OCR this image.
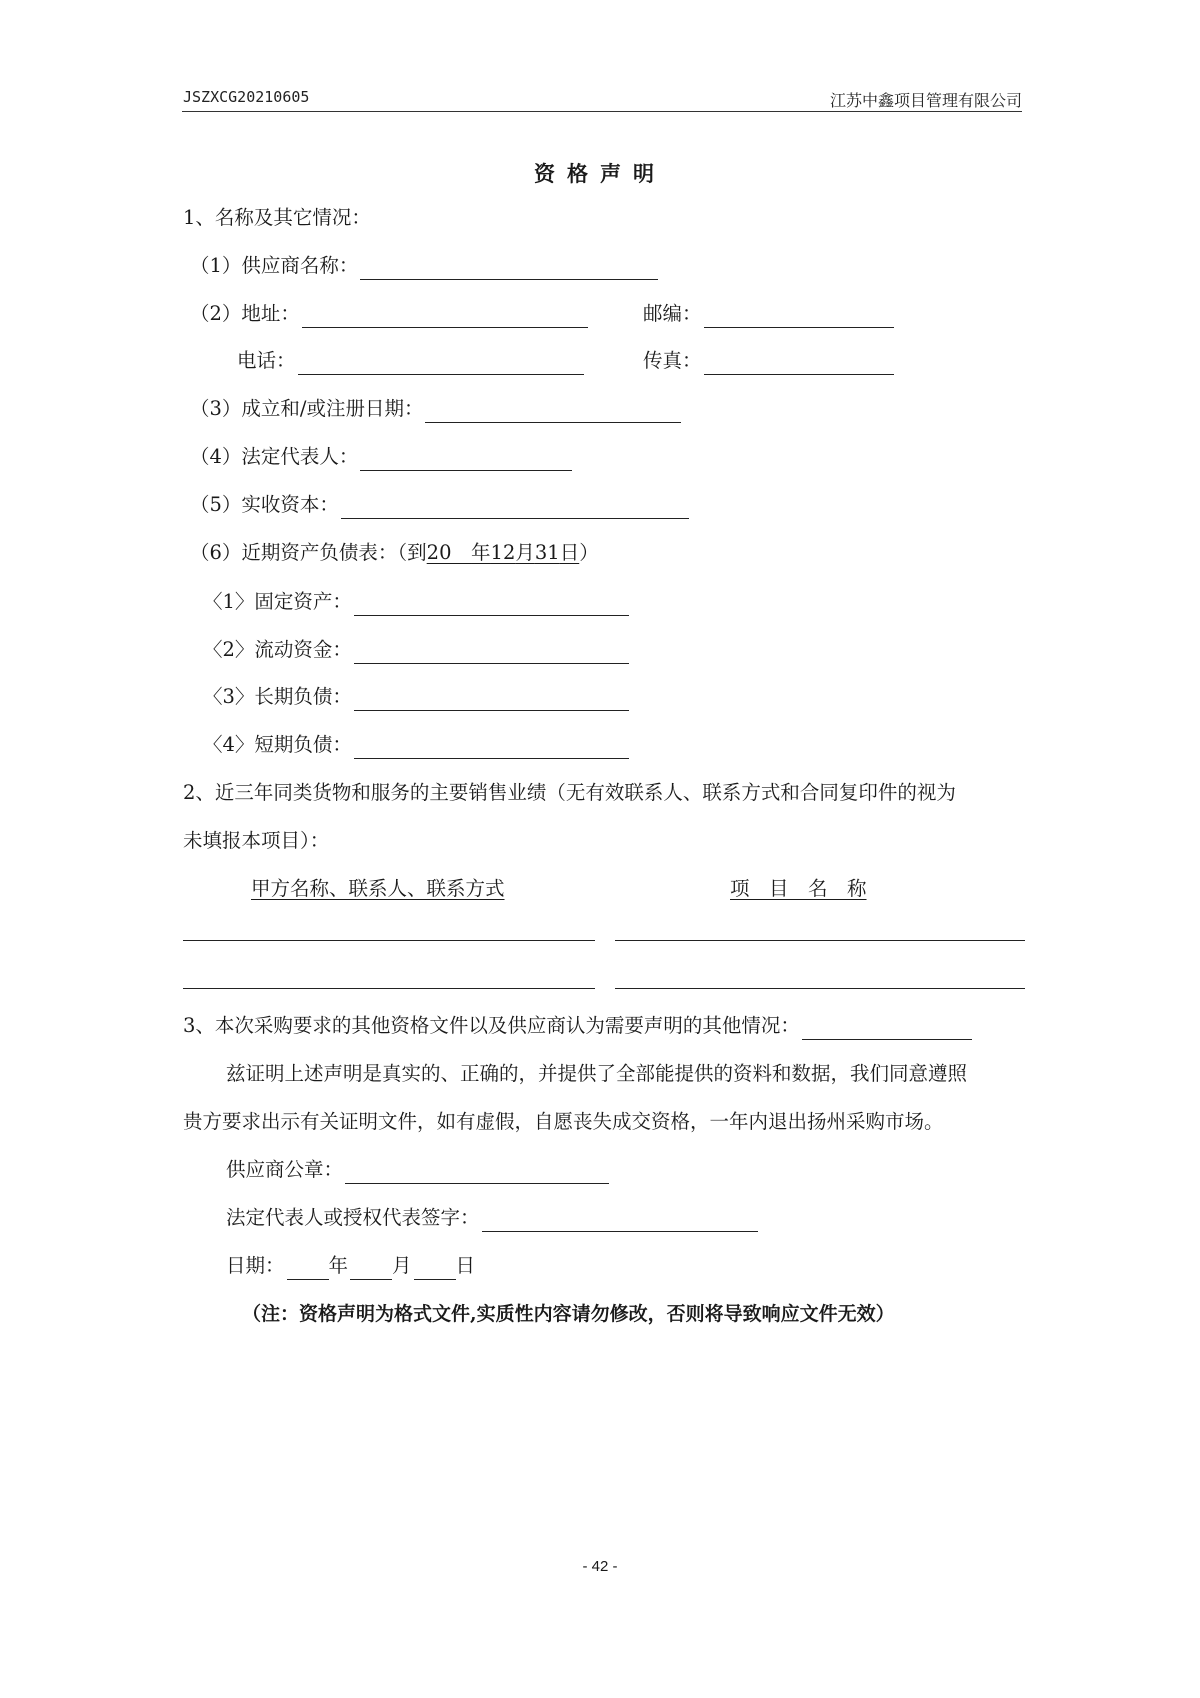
JSZXCG20210605	江苏中鑫项目管理有限公司
资格声明
1、名称及其它情况：
（1）供应商名称：
（2）地址：	邮编：
电话：	传真：
（3）成立和/或注册日期：
（4）法定代表人：
（5）实收资本：
（6）近期资产负债表：（到20　 年12月31日）
〈1〉固定资产：
〈2〉流动资金：
〈3〉长期负债：
〈4〉短期负债：
2、近三年同类货物和服务的主要销售业绩（无有效联系人、联系方式和合同复印件的视为
未填报本项目）：
甲方名称、联系人、联系方式	项　目　名　称
3、本次采购要求的其他资格文件以及供应商认为需要声明的其他情况：
兹证明上述声明是真实的、正确的，并提供了全部能提供的资料和数据，我们同意遵照
贵方要求出示有关证明文件，如有虚假，自愿丧失成交资格，一年内退出扬州采购市场。
供应商公章：
法定代表人或授权代表签字：
日期： 年 月 日
（注：资格声明为格式文件,实质性内容请勿修改，否则将导致响应文件无效）
- 42 -
